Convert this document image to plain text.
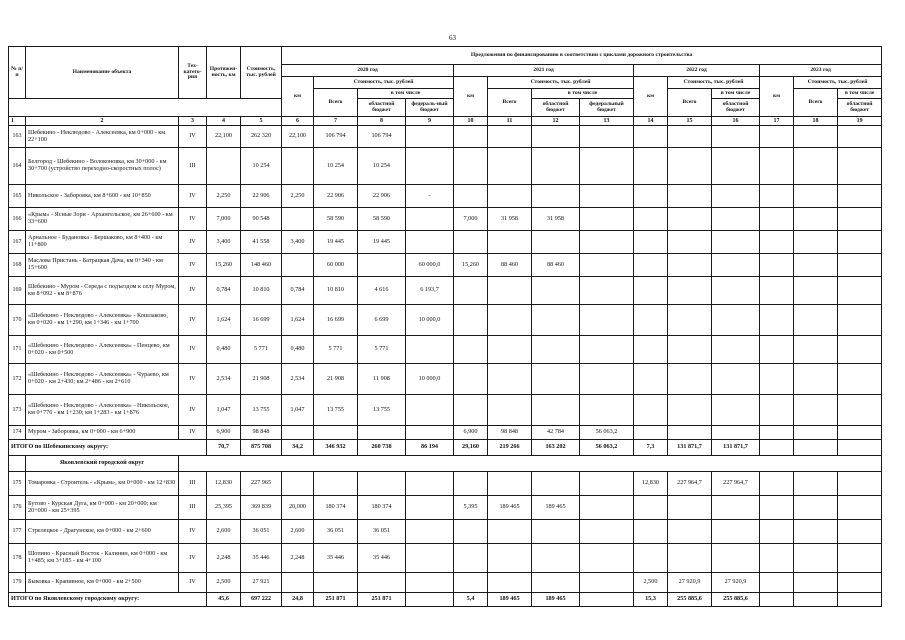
63
№ п/п	Наименование объекта	Тех-катего-рия	Протяжен-ность, км	Стоимость, тыс. рублей	Предложения по финансированию в соответствии с циклами дорожного строительства													
					2020 год				2021 год				2022 год			2023 год		
					км	Стоимость, тыс. рублей			км	Стоимость, тыс. рублей			км	Стоимость, тыс. рублей		км	Стоимость, тыс. рублей	
						Всего	в том числе			Всего	в том числе			Всего	в том числе		Всего	в том числе
							областной бюджет	федераль-ный бюджет			областной бюджет	федеральный бюджет			областной бюджет			областной бюджет
1	2	3	4	5	6	7	8	9	10	11	12	13	14	15	16	17	18	19
163	Шебекино - Неклюдово - Алексеевка, км 0+000 - км 22+100	IV	22,100	262 320	22,100	106 794	106 794											
164	Белгород - Шебекино - Волоконовка, км 30+000 - км 30+700 (устройство переходно-скоростных полос)	III		10 254		10 254	10 254											
165	Никольское - Заборовка, км 8+600 - км 10+850	IV	2,250	22 906	2,250	22 906	22 906	-										
166	«Крым» - Ясные Зори - Архангельское, км 26+600 - км 33+600	IV	7,000	90 548		58 590	58 590		7,000	31 958	31 958							
167	Арнальное - Будановка - Бершаково, км 8+400 - км 11+800	IV	3,400	41 558	3,400	19 445	19 445											
168	Маслова Пристань - Батрацкая Дача, км 0+340 - км 15+600	IV	15,260	148 460		60 000		60 000,0	15,260	88 460	88 460							
169	Шебекино - Муром - Середа с подъездом к селу Муром, км 8+092 - км 8+876	IV	0,784	10 810	0,784	10 810	4 616	6 193,7										
170	«Шебекино - Неклюдово - Алексеевка» - Кошлаково, км 0+020 - км 1+290, км 1+346 - км 1+700	IV	1,624	16 699	1,624	16 699	6 699	10 000,0										
171	«Шебекино - Неклюдово - Алексеевка» - Пенцево, км 0+020 - км 0+500	IV	0,480	5 771	0,480	5 771	5 771											
172	«Шебекино - Неклюдово - Алексеевка» - Чураево, км 0+020 - км 2+430; км 2+486 - км 2+610	IV	2,534	21 908	2,534	21 908	11 908	10 000,0										
173	«Шебекино - Неклюдово - Алексеевка» - Никольское, км 0+776 - км 1+230; км 1+283 - км 1+876	IV	1,047	13 755	1,047	13 755	13 755											
174	Муром - Заборовка, км 0+000 - км 6+900	IV	6,900	98 848					6,900	98 848	42 784	56 063,2						
ИТОГО по Шебекинскому округу:			70,7	875 708	34,2	346 932	260 738	86 194	29,160	219 266	163 202	56 063,2	7,3	131 871,7	131 871,7			
	Яковлевский городской округ																	
175	Томаровка - Строитель - «Крым», км 0+000 - км 12+830	III	12,830	227 965									12,830	227 964,7	227 964,7			
176	Бутово - Курская Дуга, км 0+000 - км 20+000; км 20+000 - км 25+395	III	25,395	369 839	20,000	180 374	180 374		5,395	189 465	189 465							
177	Стрелецкое - Драгунское, км 0+000 - км 2+600	IV	2,600	36 051	2,600	36 051	36 051											
178	Шопино - Красный Восток - Калинин, км 0+000 - км 1+485; км 3+185 - км 4+100	IV	2,248	35 446	2,248	35 446	35 446											
179	Быковка - Крапивное, км 0+000 - км 2+500	IV	2,500	27 921									2,500	27 920,9	27 920,9			
ИТОГО по Яковлевскому городскому округу:			45,6	697 222	24,8	251 871	251 871		5,4	189 465	189 465		15,3	255 885,6	255 885,6			
